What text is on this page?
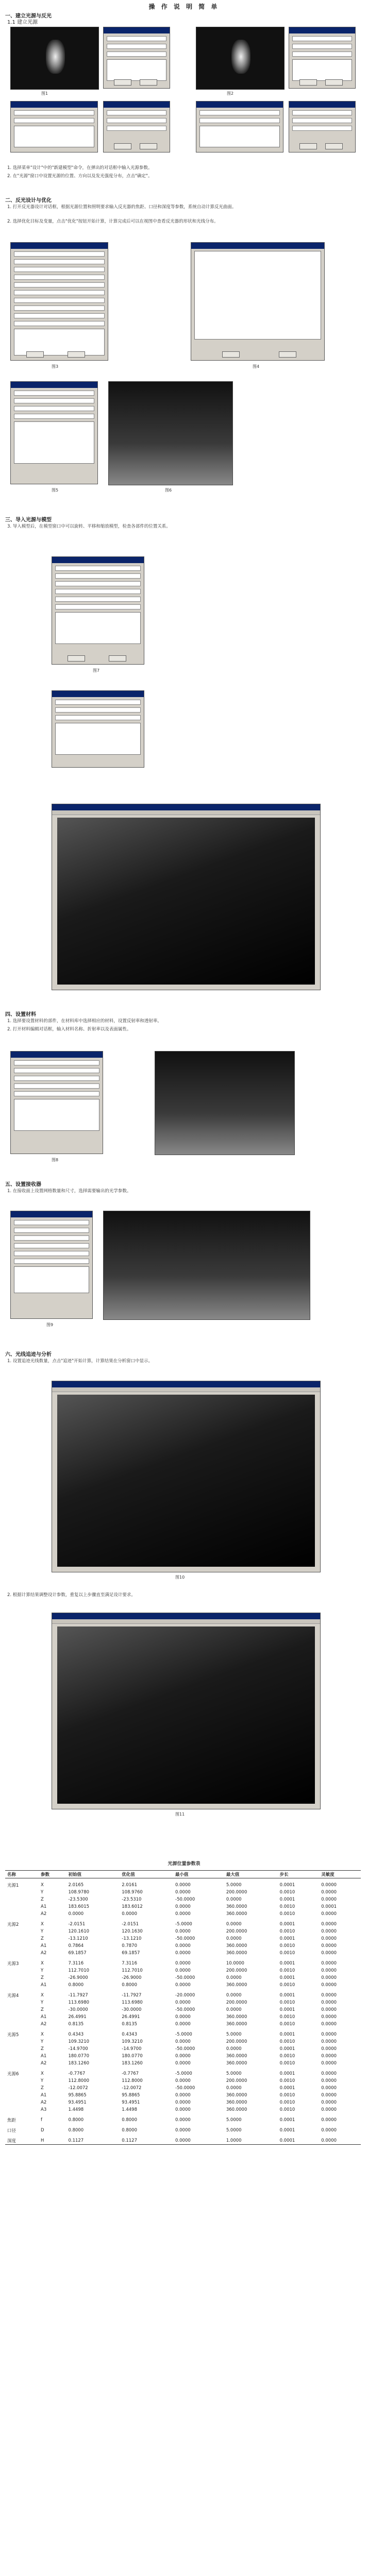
操 作 说 明 简 单
一、建立光源与反光
1.1 建立光源
图1	图2
1. 选择菜单"设计"中的"新建模型"命令，在弹出的对话框中输入光源参数。
2. 在"光源"窗口中设置光源的位置、方向以及发光强度分布，点击"确定"。
二、反光设计与优化
1. 打开反光器设计对话框，根据光源位置和照明要求输入反光器的焦距、口径和深度等参数，系统自动计算反光曲面。
2. 选择优化目标及变量，点击"优化"按钮开始计算，计算完成后可以在视图中查看反光器的形状和光线分布。
图3	图4
图5	图6
三、导入光源与模型
3. 导入模型后，在模型窗口中可以旋转、平移和缩放模型，检查各部件的位置关系。
图7
四、设置材料
1. 选择要设置材料的部件，在材料库中选择相应的材料，设置反射率和透射率。
2. 打开材料编辑对话框，输入材料名称、折射率以及表面属性。
图8
五、设置接收器
1. 在接收面上设置网格数量和尺寸，选择需要输出的光学参数。
图9
六、光线追迹与分析
1. 设置追迹光线数量，点击"追迹"开始计算，计算结果在分析窗口中显示。
图10
2. 根据计算结果调整设计参数，重复以上步骤直至满足设计要求。
图11
光源位置参数表
名称	参数	初始值	优化值	最小值	最大值	步长	灵敏度
光源1	X	2.0165	2.0161	0.0000	5.0000	0.0001	0.0000
	Y	108.9780	108.9760	0.0000	200.0000	0.0010	0.0000
	Z	-23.5300	-23.5310	-50.0000	0.0000	0.0001	0.0000
	A1	183.6015	183.6012	0.0000	360.0000	0.0010	0.0001
	A2	0.0000	0.0000	0.0000	360.0000	0.0010	0.0000
光源2	X	-2.0151	-2.0151	-5.0000	0.0000	0.0001	0.0000
	Y	120.1610	120.1630	0.0000	200.0000	0.0010	0.0000
	Z	-13.1210	-13.1210	-50.0000	0.0000	0.0001	0.0000
	A1	0.7864	0.7870	0.0000	360.0000	0.0010	0.0000
	A2	69.1857	69.1857	0.0000	360.0000	0.0010	0.0000
光源3	X	7.3116	7.3116	0.0000	10.0000	0.0001	0.0000
	Y	112.7010	112.7010	0.0000	200.0000	0.0010	0.0000
	Z	-26.9000	-26.9000	-50.0000	0.0000	0.0001	0.0000
	A1	0.8000	0.8000	0.0000	360.0000	0.0010	0.0000
光源4	X	-11.7927	-11.7927	-20.0000	0.0000	0.0001	0.0000
	Y	113.6980	113.6980	0.0000	200.0000	0.0010	0.0000
	Z	-30.0000	-30.0000	-50.0000	0.0000	0.0001	0.0000
	A1	26.4991	26.4991	0.0000	360.0000	0.0010	0.0000
	A2	0.8135	0.8135	0.0000	360.0000	0.0010	0.0000
光源5	X	0.4343	0.4343	-5.0000	5.0000	0.0001	0.0000
	Y	109.3210	109.3210	0.0000	200.0000	0.0010	0.0000
	Z	-14.9700	-14.9700	-50.0000	0.0000	0.0001	0.0000
	A1	180.0770	180.0770	0.0000	360.0000	0.0010	0.0000
	A2	183.1260	183.1260	0.0000	360.0000	0.0010	0.0000
光源6	X	-0.7767	-0.7767	-5.0000	5.0000	0.0001	0.0000
	Y	112.8000	112.8000	0.0000	200.0000	0.0010	0.0000
	Z	-12.0072	-12.0072	-50.0000	0.0000	0.0001	0.0000
	A1	95.8865	95.8865	0.0000	360.0000	0.0010	0.0000
	A2	93.4951	93.4951	0.0000	360.0000	0.0010	0.0000
	A3	1.4498	1.4498	0.0000	360.0000	0.0010	0.0000
焦距	f	0.8000	0.8000	0.0000	5.0000	0.0001	0.0000
口径	D	0.8000	0.8000	0.0000	5.0000	0.0001	0.0000
深度	H	0.1127	0.1127	0.0000	1.0000	0.0001	0.0000
